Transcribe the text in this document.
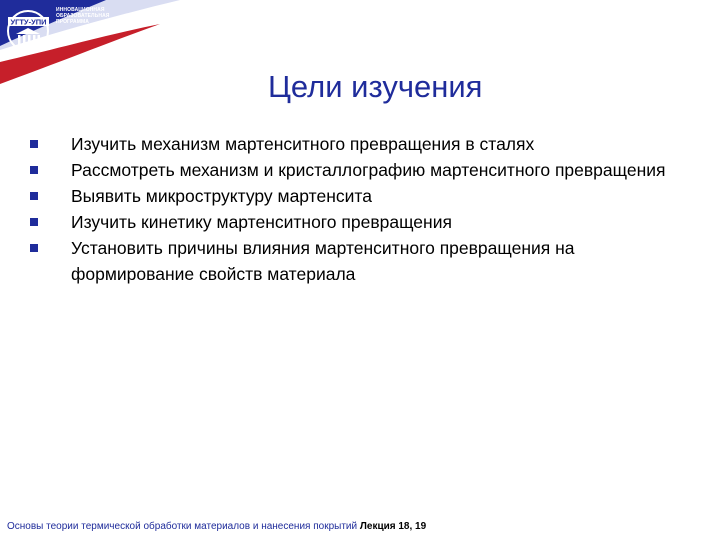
УГТУ-УПИ
ИННОВАЦИОННАЯ
ОБРАЗОВАТЕЛЬНАЯ
ПРОГРАММА
Цели изучения
Изучить механизм мартенситного превращения в сталях
Рассмотреть механизм и кристаллографию мартенситного превращения
Выявить микроструктуру мартенсита
Изучить кинетику мартенситного превращения
Установить причины влияния мартенситного превращения на формирование свойств материала
Основы теории термической обработки материалов и нанесения покрытий Лекция 18, 19
